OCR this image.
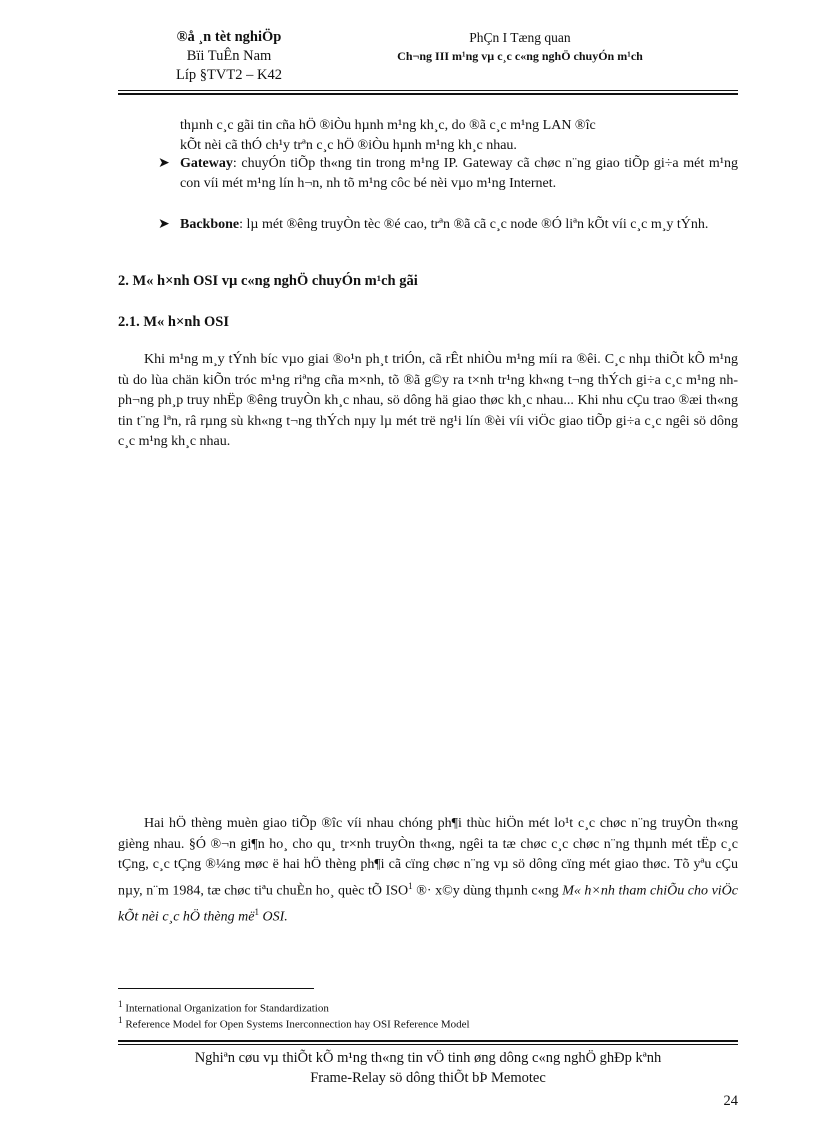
®å ¸n tèt nghiÖp
Bïi TuÊn Nam
Líp §TVT2 – K42
PhÇn I Tæng quan
Ch¬ng III m¹ng vµ c¸c c«ng nghÖ chuyÓn m¹ch
thµnh c¸c gãi tin cña hÖ ®iÒu hµnh m¹ng kh¸c, do ®ã c¸c m¹ng LAN ®îc
kÕt nèi cã thÓ ch¹y trªn c¸c hÖ ®iÒu hµnh m¹ng kh¸c nhau.
➤ Gateway: chuyÓn tiÕp th«ng tin trong m¹ng IP. Gateway cã chøc n¨ng giao tiÕp gi÷a mét m¹ng con víi mét m¹ng lín h¬n, nh tõ m¹ng côc bé nèi vµo m¹ng Internet.
➤ Backbone: lµ mét ®êng truyÒn tèc ®é cao, trªn ®ã cã c¸c node ®Ó liªn kÕt víi c¸c m¸y tÝnh.
2. M« h×nh OSI vµ c«ng nghÖ chuyÓn m¹ch gãi
2.1. M« h×nh OSI
Khi m¹ng m¸y tÝnh bíc vµo giai ®o¹n ph¸t triÓn, cã rÊt nhiÒu m¹ng míi ra ®êi. C¸c nhµ thiÕt kÕ m¹ng tù do lùa chän kiÕn tróc m¹ng riªng cña m×nh, tõ ®ã g©y ra t×nh tr¹ng kh«ng t¬ng thÝch gi÷a c¸c m¹ng nh ph¬ng ph¸p truy nhËp ®êng truyÒn kh¸c nhau, sö dông hä giao thøc kh¸c nhau... Khi nhu cÇu trao ®æi th«ng tin t¨ng lªn, râ rµng sù kh«ng t¬ng thÝch nµy lµ mét trë ng¹i lín ®èi víi viÖc giao tiÕp gi÷a c¸c ngêi sö dông c¸c m¹ng kh¸c nhau.
Hai hÖ thèng muèn giao tiÕp ®îc víi nhau chóng ph¶i thùc hiÖn mét lo¹t c¸c chøc n¨ng truyÒn th«ng gièng nhau. §Ó ®¬n gi¶n ho¸ cho qu¸ tr×nh truyÒn th«ng, ngêi ta tæ chøc c¸c chøc n¨ng thµnh mét tËp c¸c tÇng, c¸c tÇng ®¼ng møc ë hai hÖ thèng ph¶i cã cïng chøc n¨ng vµ sö dông cïng mét giao thøc. Tõ yªu cÇu nµy, n¨m 1984, tæ chøc tiªu chuÈn ho¸ quèc tÕ ISO$^1$ ®· x©y dùng thµnh c«ng M« h×nh tham chiÕu cho viÖc kÕt nèi c¸c hÖ thèng $më^1$ OSI.
$^1$ International Organization for Standardization
$^1$ Reference Model for Open Systems Inerconnection hay OSI Reference Model
Nghiªn cøu vµ thiÕt kÕ m¹ng th«ng tin vÖ tinh øng dông c«ng nghÖ ghÐp kªnh
Frame-Relay sö dông thiÕt bÞ Memotec
24
